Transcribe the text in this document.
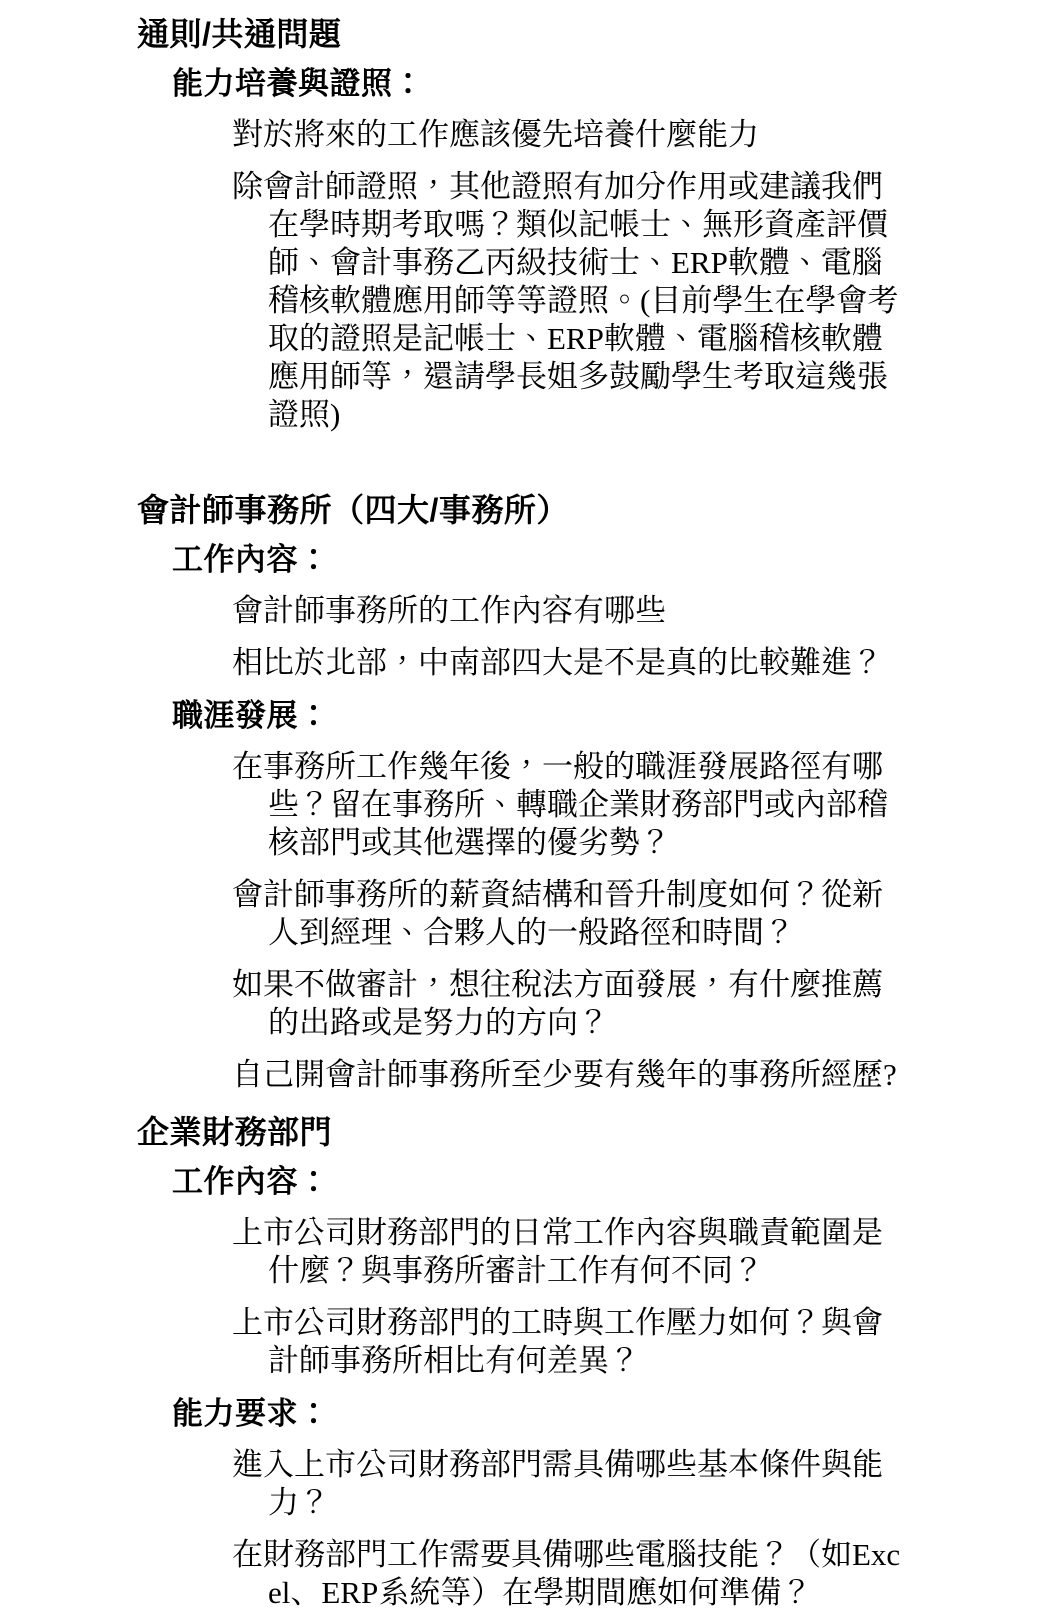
通則/共通問題
能力培養與證照：
對於將來的工作應該優先培養什麼能力
除會計師證照，其他證照有加分作用或建議我們在學時期考取嗎？類似記帳士、無形資產評價師、會計事務乙丙級技術士、ERP軟體、電腦稽核軟體應用師等等證照。(目前學生在學會考取的證照是記帳士、ERP軟體、電腦稽核軟體應用師等，還請學長姐多鼓勵學生考取這幾張證照)
會計師事務所（四大/事務所）
工作內容：
會計師事務所的工作內容有哪些
相比於北部，中南部四大是不是真的比較難進？
職涯發展：
在事務所工作幾年後，一般的職涯發展路徑有哪些？留在事務所、轉職企業財務部門或內部稽核部門或其他選擇的優劣勢？
會計師事務所的薪資結構和晉升制度如何？從新人到經理、合夥人的一般路徑和時間？
如果不做審計，想往稅法方面發展，有什麼推薦的出路或是努力的方向？
自己開會計師事務所至少要有幾年的事務所經歷?
企業財務部門
工作內容：
上市公司財務部門的日常工作內容與職責範圍是什麼？與事務所審計工作有何不同？
上市公司財務部門的工時與工作壓力如何？與會計師事務所相比有何差異？
能力要求：
進入上市公司財務部門需具備哪些基本條件與能力？
在財務部門工作需要具備哪些電腦技能？（如Excel、ERP系統等）在學期間應如何準備？
